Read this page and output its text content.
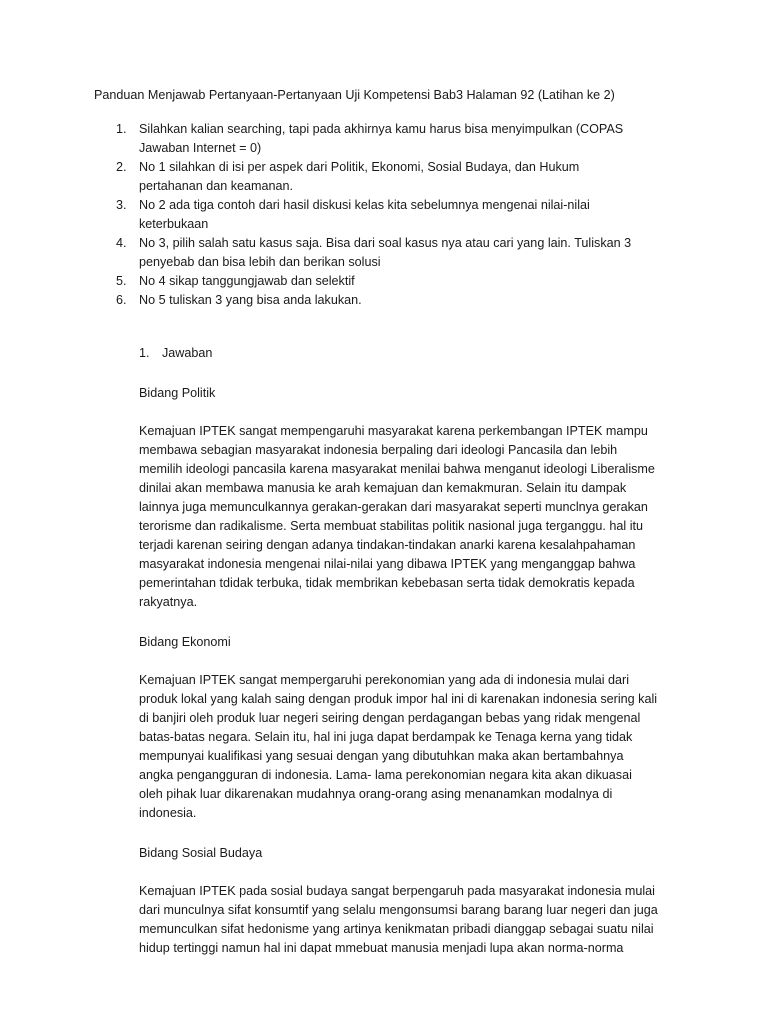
Panduan Menjawab Pertanyaan-Pertanyaan Uji Kompetensi Bab3 Halaman 92 (Latihan ke 2)

1. Silahkan kalian searching, tapi pada akhirnya kamu harus bisa menyimpulkan (COPAS Jawaban Internet = 0)
2. No 1 silahkan di isi per aspek dari Politik, Ekonomi, Sosial Budaya, dan Hukum pertahanan dan keamanan.
3. No 2 ada tiga contoh dari hasil diskusi kelas kita sebelumnya mengenai nilai-nilai keterbukaan
4. No 3, pilih salah satu kasus saja. Bisa dari soal kasus nya atau cari yang lain. Tuliskan 3 penyebab dan bisa lebih dan berikan solusi
5. No 4 sikap tanggungjawab dan selektif
6. No 5 tuliskan 3 yang bisa anda lakukan.
1. Jawaban
Bidang Politik

Kemajuan IPTEK sangat mempengaruhi masyarakat karena perkembangan IPTEK mampu membawa sebagian masyarakat indonesia berpaling dari ideologi Pancasila dan lebih memilih ideologi pancasila karena masyarakat menilai bahwa menganut ideologi Liberalisme dinilai akan membawa manusia ke arah kemajuan dan kemakmuran. Selain itu dampak lainnya juga memunculkannya gerakan-gerakan dari masyarakat seperti munclnya gerakan terorisme dan radikalisme. Serta membuat stabilitas politik nasional juga terganggu. hal itu terjadi karenan seiring dengan adanya tindakan-tindakan anarki karena kesalahpahaman masyarakat indonesia mengenai nilai-nilai yang dibawa IPTEK yang menganggap bahwa pemerintahan tdidak terbuka, tidak membrikan kebebasan serta tidak demokratis kepada rakyatnya.

Bidang Ekonomi

Kemajuan IPTEK sangat mempergaruhi perekonomian yang ada di indonesia mulai dari produk lokal yang kalah saing dengan produk impor hal ini di karenakan indonesia sering kali di banjiri oleh produk luar negeri seiring dengan perdagangan bebas yang ridak mengenal batas-batas negara. Selain itu, hal ini juga dapat berdampak ke Tenaga kerna yang tidak mempunyai kualifikasi yang sesuai dengan yang dibutuhkan maka akan bertambahnya angka pengangguran di indonesia. Lama- lama perekonomian negara kita akan dikuasai oleh pihak luar dikarenakan mudahnya orang-orang asing menanamkan modalnya di indonesia.

Bidang Sosial Budaya

Kemajuan IPTEK pada sosial budaya sangat berpengaruh pada masyarakat indonesia mulai dari munculnya sifat konsumtif yang selalu mengonsumsi barang barang luar negeri dan juga memunculkan sifat hedonisme yang artinya kenikmatan pribadi dianggap sebagai suatu nilai hidup tertinggi namun hal ini dapat mmebuat manusia menjadi lupa akan norma-norma
